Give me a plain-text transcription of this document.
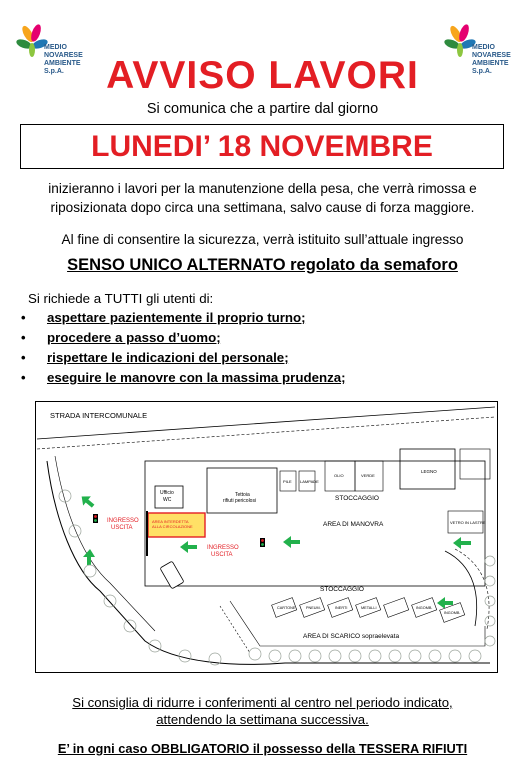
MEDIO
NOVARESE
AMBIENTE S.p.A.
MEDIO
NOVARESE
AMBIENTE S.p.A.
AVVISO LAVORI
Si comunica che a partire dal giorno
LUNEDI’ 18 NOVEMBRE
inizieranno i lavori per la manutenzione della pesa, che verrà rimossa e riposizionata dopo circa una settimana, salvo cause di forza maggiore.
Al fine di consentire la sicurezza, verrà istituito sull’attuale ingresso
SENSO UNICO ALTERNATO regolato da semaforo
Si richiede a TUTTI gli utenti di:
• aspettare pazientemente il proprio turno;
• procedere a passo d’uomo;
• rispettare le indicazioni del personale;
• eseguire le manovre con la massima prudenza;
STRADA INTERCOMUNALE
Ufficio WC
Tettoia rifiuti pericolosi
PILE LAMPADE
OLIO	VERDE
STOCCAGGIO
LEGNO
VETRO IN LASTRE
AREA DI MANOVRA
AREA INTERDETTA ALLA CIRCOLAZIONE
INGRESSO USCITA
INGRESSO USCITA
CARTONE	PNEUM.	INERTI	METALLI	INGOMB.
INGOMB.
STOCCAGGIO
AREA DI SCARICO sopraelevata
Si consiglia di ridurre i conferimenti al centro nel periodo indicato,
attendendo la settimana successiva.
E’ in ogni caso OBBLIGATORIO il possesso della TESSERA RIFIUTI
